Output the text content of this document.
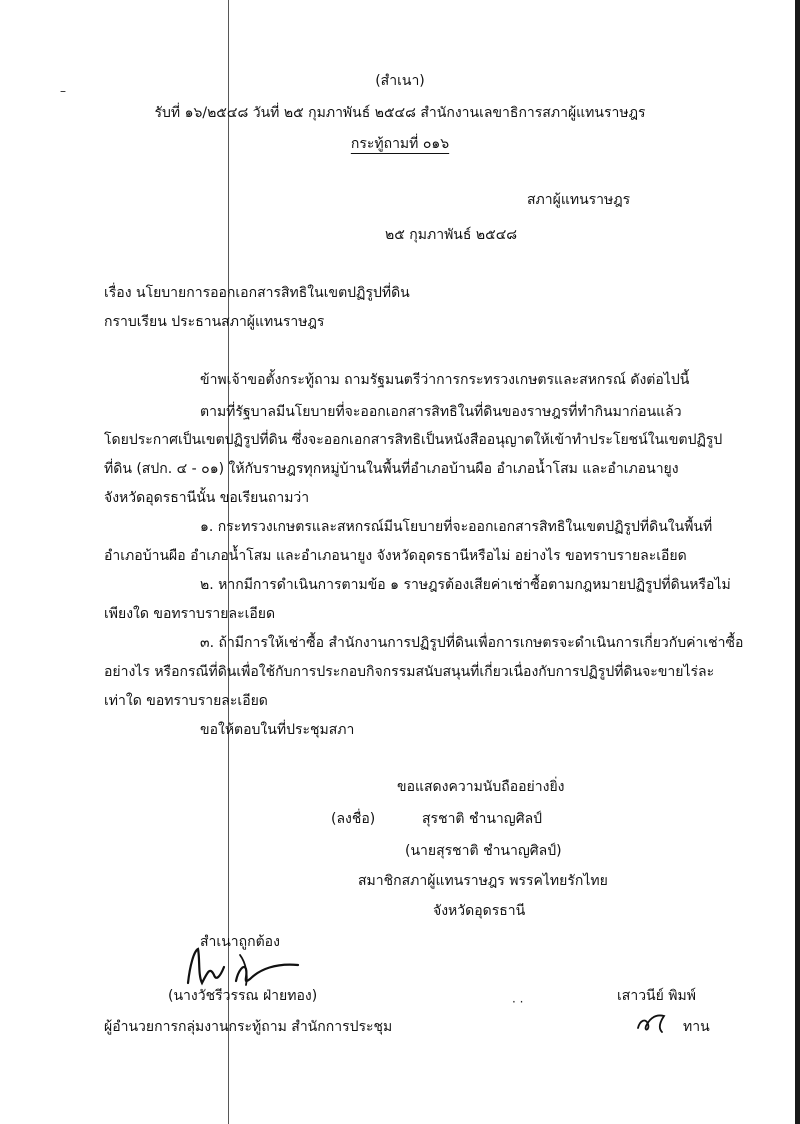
–
(สำเนา)
รับที่ ๑๖/๒๕๔๘ วันที่ ๒๕ กุมภาพันธ์ ๒๕๔๘ สำนักงานเลขาธิการสภาผู้แทนราษฎร
กระทู้ถามที่ ๐๑๖
สภาผู้แทนราษฎร
๒๕ กุมภาพันธ์ ๒๕๔๘
เรื่อง นโยบายการออกเอกสารสิทธิในเขตปฏิรูปที่ดิน
กราบเรียน ประธานสภาผู้แทนราษฎร
ข้าพเจ้าขอตั้งกระทู้ถาม ถามรัฐมนตรีว่าการกระทรวงเกษตรและสหกรณ์ ดังต่อไปนี้
ตามที่รัฐบาลมีนโยบายที่จะออกเอกสารสิทธิในที่ดินของราษฎรที่ทำกินมาก่อนแล้ว
โดยประกาศเป็นเขตปฏิรูปที่ดิน ซึ่งจะออกเอกสารสิทธิเป็นหนังสืออนุญาตให้เข้าทำประโยชน์ในเขตปฏิรูป
ที่ดิน (สปก. ๔ - ๐๑) ให้กับราษฎรทุกหมู่บ้านในพื้นที่อำเภอบ้านผือ อำเภอน้ำโสม และอำเภอนายูง
จังหวัดอุดรธานีนั้น ขอเรียนถามว่า
๑. กระทรวงเกษตรและสหกรณ์มีนโยบายที่จะออกเอกสารสิทธิในเขตปฏิรูปที่ดินในพื้นที่
อำเภอบ้านผือ อำเภอน้ำโสม และอำเภอนายูง จังหวัดอุดรธานีหรือไม่ อย่างไร ขอทราบรายละเอียด
๒. หากมีการดำเนินการตามข้อ ๑ ราษฎรต้องเสียค่าเช่าซื้อตามกฎหมายปฏิรูปที่ดินหรือไม่
เพียงใด ขอทราบรายละเอียด
๓. ถ้ามีการให้เช่าซื้อ สำนักงานการปฏิรูปที่ดินเพื่อการเกษตรจะดำเนินการเกี่ยวกับค่าเช่าซื้อ
อย่างไร หรือกรณีที่ดินเพื่อใช้กับการประกอบกิจกรรมสนับสนุนที่เกี่ยวเนื่องกับการปฏิรูปที่ดินจะขายไร่ละ
เท่าใด ขอทราบรายละเอียด
ขอให้ตอบในที่ประชุมสภา
ขอแสดงความนับถืออย่างยิ่ง
(ลงชื่อ)	สุรชาติ ชำนาญศิลป์
(นายสุรชาติ ชำนาญศิลป์)
สมาชิกสภาผู้แทนราษฎร พรรคไทยรักไทย
จังหวัดอุดรธานี
สำเนาถูกต้อง
(นางวัชรีวรรณ ฝ่ายทอง)
ผู้อำนวยการกลุ่มงานกระทู้ถาม สำนักการประชุม
· ·	เสาวนีย์ พิมพ์
ทาน
